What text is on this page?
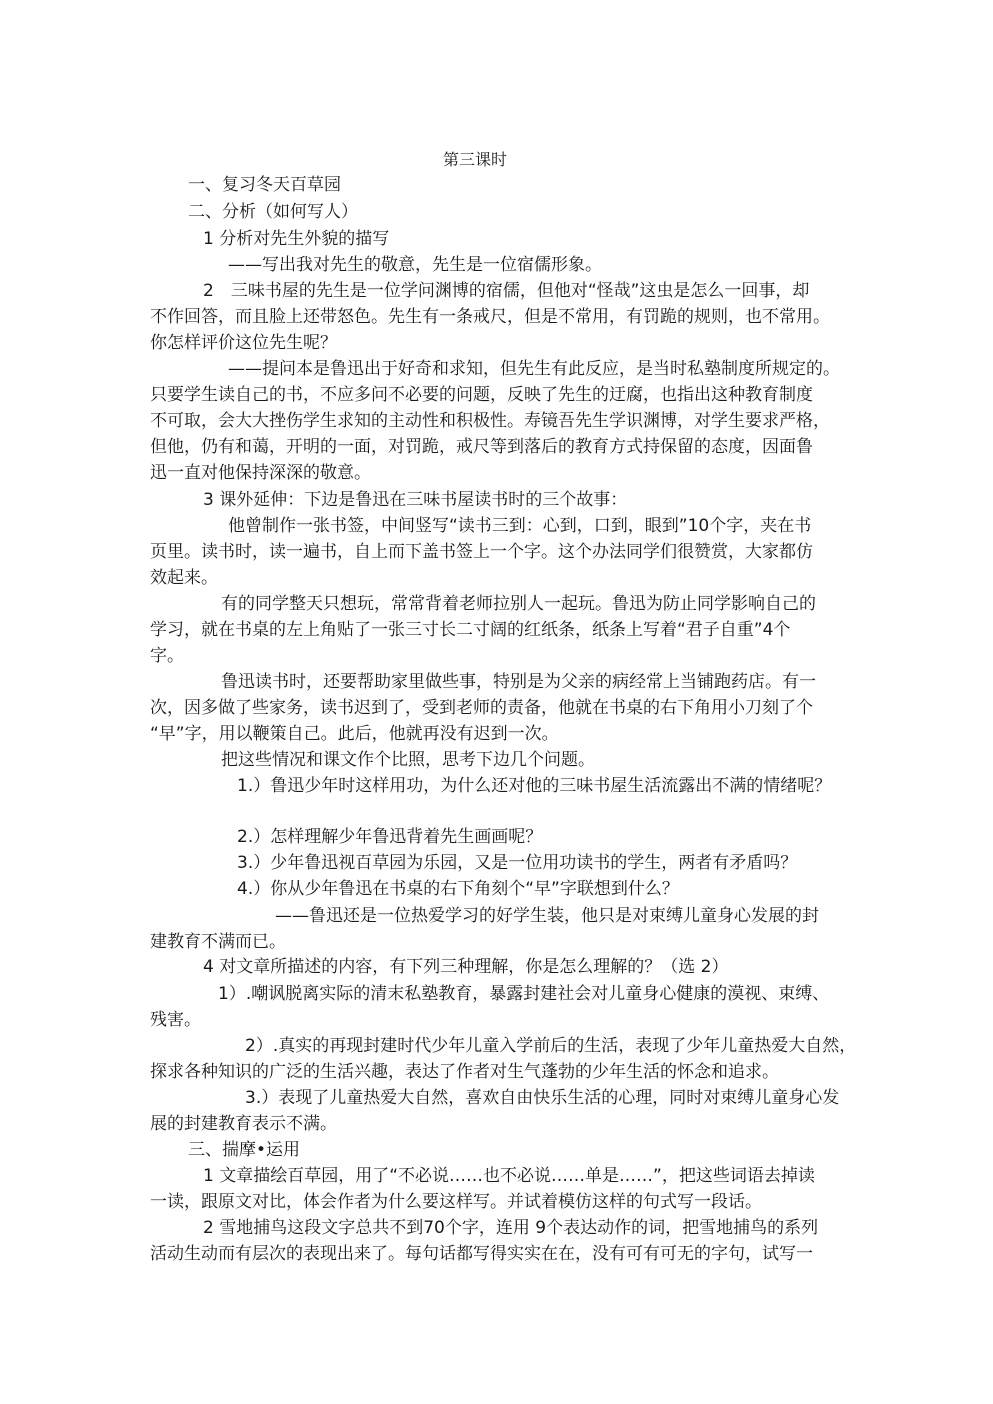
第三课时
一、复习冬天百草园
二、分析（如何写人）
1 分析对先生外貌的描写
——写出我对先生的敬意，先生是一位宿儒形象。
2　三味书屋的先生是一位学问渊博的宿儒，但他对“怪哉”这虫是怎么一回事，却
不作回答，而且脸上还带怒色。先生有一条戒尺，但是不常用，有罚跪的规则，也不常用。
你怎样评价这位先生呢？
——提问本是鲁迅出于好奇和求知，但先生有此反应，是当时私塾制度所规定的。
只要学生读自己的书，不应多问不必要的问题，反映了先生的迂腐，也指出这种教育制度
不可取，会大大挫伤学生求知的主动性和积极性。寿镜吾先生学识渊博，对学生要求严格，
但他，仍有和蔼，开明的一面，对罚跪，戒尺等到落后的教育方式持保留的态度，因面鲁
迅一直对他保持深深的敬意。
3 课外延伸：下边是鲁迅在三味书屋读书时的三个故事：
他曾制作一张书签，中间竖写“读书三到：心到，口到，眼到”10个字，夹在书
页里。读书时，读一遍书，自上而下盖书签上一个字。这个办法同学们很赞赏，大家都仿
效起来。
有的同学整天只想玩，常常背着老师拉别人一起玩。鲁迅为防止同学影响自己的
学习，就在书桌的左上角贴了一张三寸长二寸阔的红纸条，纸条上写着“君子自重”4个
字。
鲁迅读书时，还要帮助家里做些事，特别是为父亲的病经常上当铺跑药店。有一
次，因多做了些家务，读书迟到了，受到老师的责备，他就在书桌的右下角用小刀刻了个
“早”字，用以鞭策自己。此后，他就再没有迟到一次。
把这些情况和课文作个比照，思考下边几个问题。
1.）鲁迅少年时这样用功，为什么还对他的三味书屋生活流露出不满的情绪呢？
2.）怎样理解少年鲁迅背着先生画画呢？
3.）少年鲁迅视百草园为乐园，又是一位用功读书的学生，两者有矛盾吗？
4.）你从少年鲁迅在书桌的右下角刻个“早”字联想到什么？
——鲁迅还是一位热爱学习的好学生装，他只是对束缚儿童身心发展的封
建教育不满而已。
4 对文章所描述的内容，有下列三种理解，你是怎么理解的？（选 2）
1）.嘲讽脱离实际的清末私塾教育，暴露封建社会对儿童身心健康的漠视、束缚、
残害。
2）.真实的再现封建时代少年儿童入学前后的生活，表现了少年儿童热爱大自然，
探求各种知识的广泛的生活兴趣，表达了作者对生气蓬勃的少年生活的怀念和追求。
3.）表现了儿童热爱大自然，喜欢自由快乐生活的心理，同时对束缚儿童身心发
展的封建教育表示不满。
三、揣摩•运用
1 文章描绘百草园，用了“不必说……也不必说……单是……”，把这些词语去掉读
一读，跟原文对比，体会作者为什么要这样写。并试着模仿这样的句式写一段话。
2 雪地捕鸟这段文字总共不到70个字，连用 9个表达动作的词，把雪地捕鸟的系列
活动生动而有层次的表现出来了。每句话都写得实实在在，没有可有可无的字句，试写一
